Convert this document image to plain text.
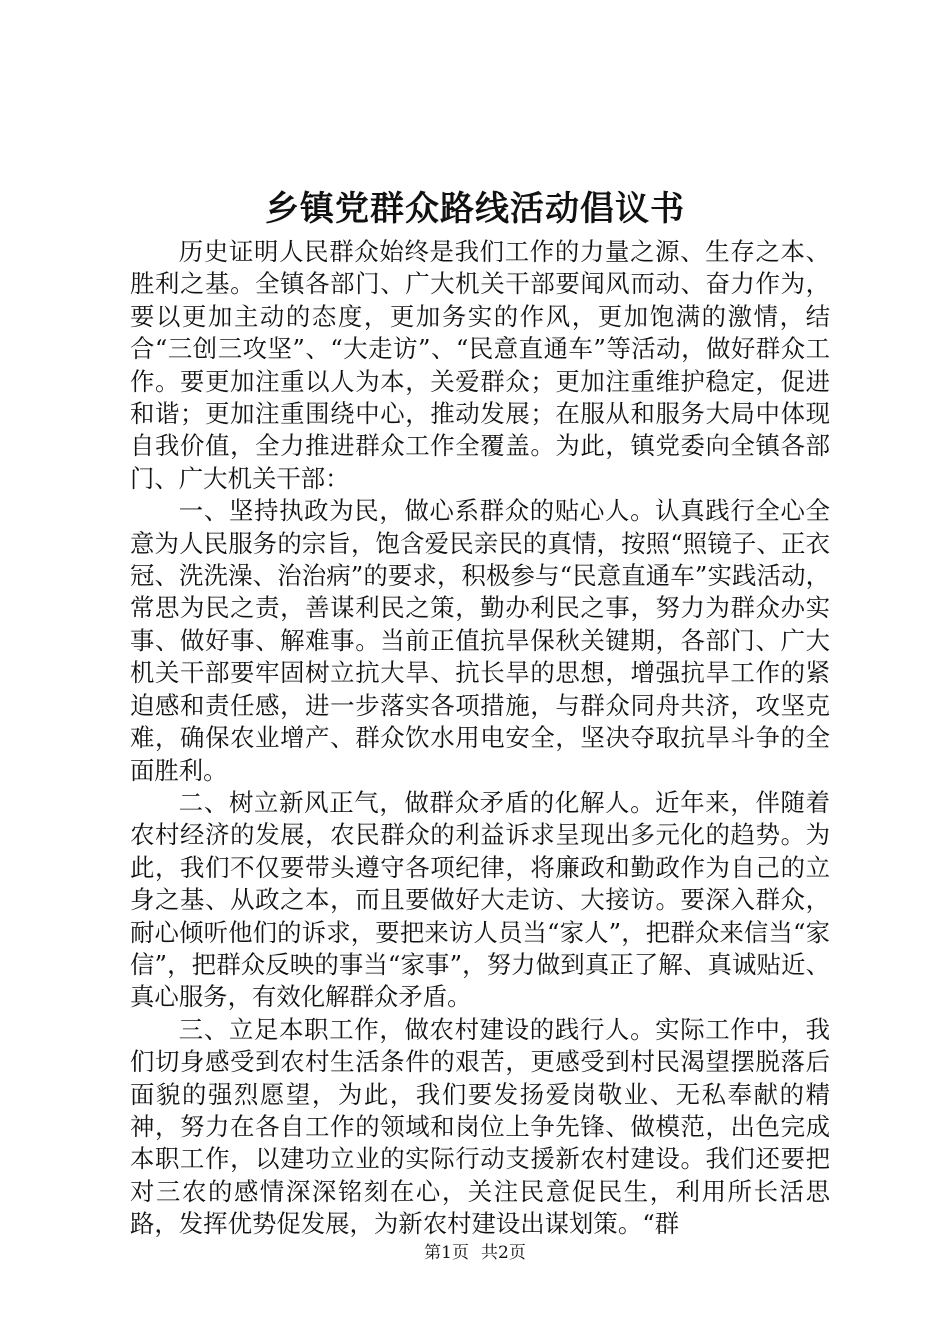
乡镇党群众路线活动倡议书

历史证明人民群众始终是我们工作的力量之源、生存之本、胜利之基。全镇各部门、广大机关干部要闻风而动、奋力作为，要以更加主动的态度，更加务实的作风，更加饱满的激情，结合“三创三攻坚”、“大走访”、“民意直通车”等活动，做好群众工作。要更加注重以人为本，关爱群众；更加注重维护稳定，促进和谐；更加注重围绕中心，推动发展；在服从和服务大局中体现自我价值，全力推进群众工作全覆盖。为此，镇党委向全镇各部门、广大机关干部：

一、坚持执政为民，做心系群众的贴心人。认真践行全心全意为人民服务的宗旨，饱含爱民亲民的真情，按照“照镜子、正衣冠、洗洗澡、治治病”的要求，积极参与“民意直通车”实践活动，常思为民之责，善谋利民之策，勤办利民之事，努力为群众办实事、做好事、解难事。当前正值抗旱保秋关键期，各部门、广大机关干部要牢固树立抗大旱、抗长旱的思想，增强抗旱工作的紧迫感和责任感，进一步落实各项措施，与群众同舟共济，攻坚克难，确保农业增产、群众饮水用电安全，坚决夺取抗旱斗争的全面胜利。

二、树立新风正气，做群众矛盾的化解人。近年来，伴随着农村经济的发展，农民群众的利益诉求呈现出多元化的趋势。为此，我们不仅要带头遵守各项纪律，将廉政和勤政作为自己的立身之基、从政之本，而且要做好大走访、大接访。要深入群众，耐心倾听他们的诉求，要把来访人员当“家人”，把群众来信当“家信”，把群众反映的事当“家事”，努力做到真正了解、真诚贴近、真心服务，有效化解群众矛盾。

三、立足本职工作，做农村建设的践行人。实际工作中，我们切身感受到农村生活条件的艰苦，更感受到村民渴望摆脱落后面貌的强烈愿望，为此，我们要发扬爱岗敬业、无私奉献的精神，努力在各自工作的领域和岗位上争先锋、做模范，出色完成本职工作，以建功立业的实际行动支援新农村建设。我们还要把对三农的感情深深铭刻在心，关注民意促民生，利用所长活思路，发挥优势促发展，为新农村建设出谋划策。“群

第1页 共2页
